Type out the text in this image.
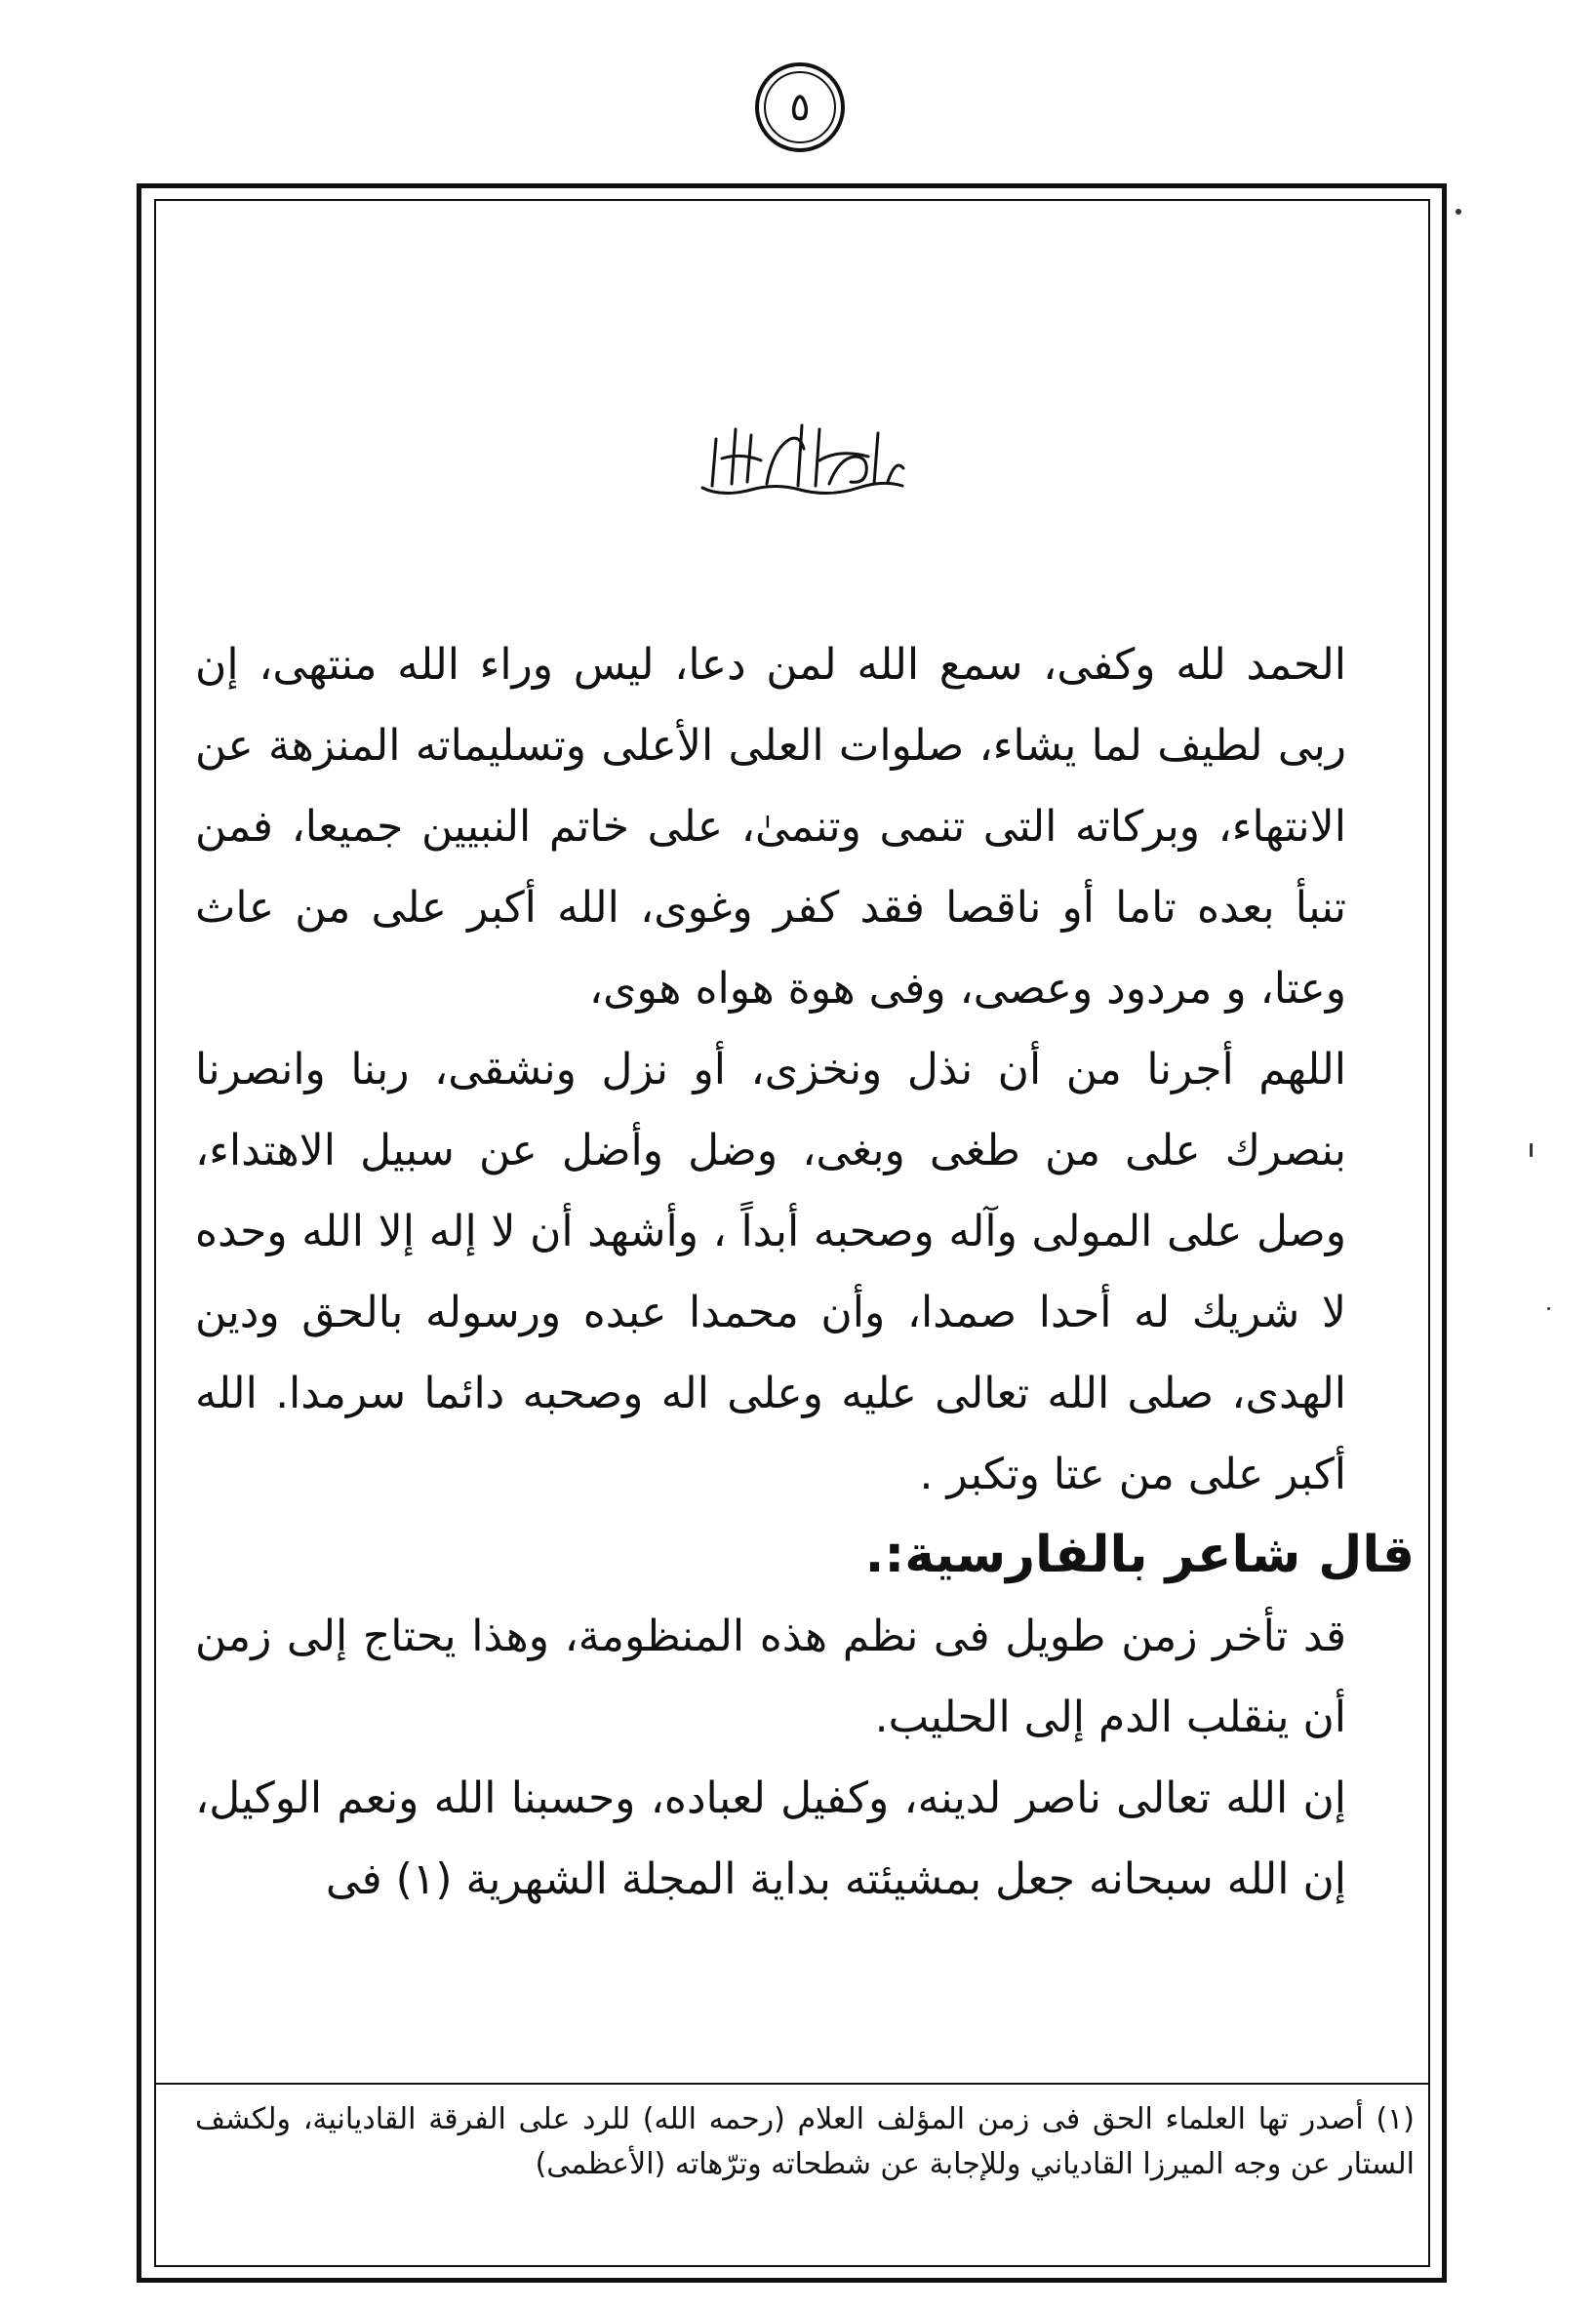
٥
بسم الله الرحمن الرحيم

الحمد لله وكفى، سمع الله لمن دعا، ليس وراء الله منتهى، إن ربى لطيف لما يشاء، صلوات العلى الأعلى وتسليماته المنزهة عن الانتهاء، وبركاته التى تنمى وتنمىٰ، على خاتم النبيين جميعا، فمن تنبأ بعده تاما أو ناقصا فقد كفر وغوى، الله أكبر على من عاث وعتا، و مردود وعصى، وفى هوة هواه هوى،

اللهم أجرنا من أن نذل ونخزى، أو نزل ونشقى، ربنا وانصرنا بنصرك على من طغى وبغى، وضل وأضل عن سبيل الاهتداء، وصل على المولى وآله وصحبه أبداً ، وأشهد أن لا إله إلا الله وحده لا شريك له أحدا صمدا، وأن محمدا عبده ورسوله بالحق ودين الهدى، صلى الله تعالى عليه وعلى اله وصحبه دائما سرمدا. الله أكبر على من عتا وتكبر .

قال شاعر بالفارسية:.

قد تأخر زمن طويل فى نظم هذه المنظومة، وهذا يحتاج إلى زمن أن ينقلب الدم إلى الحليب.

إن الله تعالى ناصر لدينه، وكفيل لعباده، وحسبنا الله ونعم الوكيل، إن الله سبحانه جعل بمشيئته بداية المجلة الشهرية (١) فى

(١) أصدر تها العلماء الحق فى زمن المؤلف العلام (رحمه الله) للرد على الفرقة القاديانية، ولكشف الستار عن وجه الميرزا القادياني وللإجابة عن شطحاته وترّهاته (الأعظمى)
